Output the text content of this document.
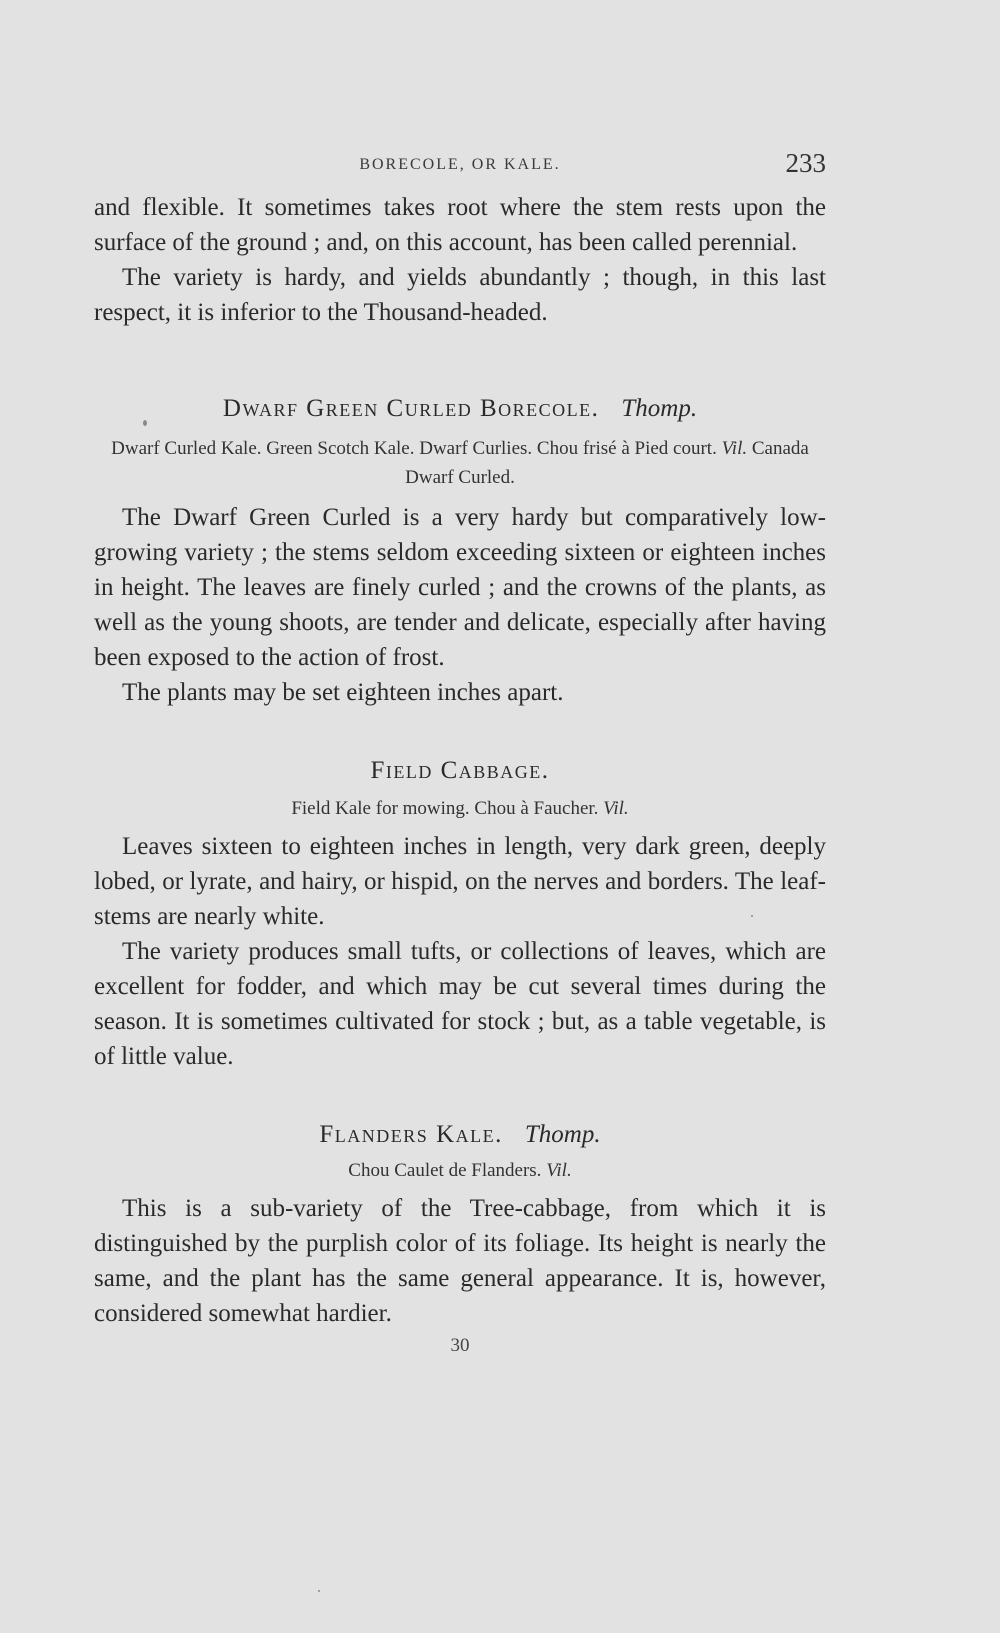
BORECOLE, OR KALE.	233

and flexible. It sometimes takes root where the stem rests upon the surface of the ground ; and, on this account, has been called perennial.

The variety is hardy, and yields abundantly ; though, in this last respect, it is inferior to the Thousand-headed.

Dwarf Green Curled Borecole. Thomp.

Dwarf Curled Kale. Green Scotch Kale. Dwarf Curlies. Chou frisé à Pied court. Vil. Canada Dwarf Curled.

The Dwarf Green Curled is a very hardy but comparatively low-growing variety ; the stems seldom exceeding sixteen or eighteen inches in height. The leaves are finely curled ; and the crowns of the plants, as well as the young shoots, are tender and delicate, especially after having been exposed to the action of frost.

The plants may be set eighteen inches apart.

Field Cabbage.

Field Kale for mowing. Chou à Faucher. Vil.

Leaves sixteen to eighteen inches in length, very dark green, deeply lobed, or lyrate, and hairy, or hispid, on the nerves and borders. The leaf-stems are nearly white.

The variety produces small tufts, or collections of leaves, which are excellent for fodder, and which may be cut several times during the season. It is sometimes cultivated for stock ; but, as a table vegetable, is of little value.

Flanders Kale. Thomp.

Chou Caulet de Flanders. Vil.

This is a sub-variety of the Tree-cabbage, from which it is distinguished by the purplish color of its foliage. Its height is nearly the same, and the plant has the same general appearance. It is, however, considered somewhat hardier.

30
